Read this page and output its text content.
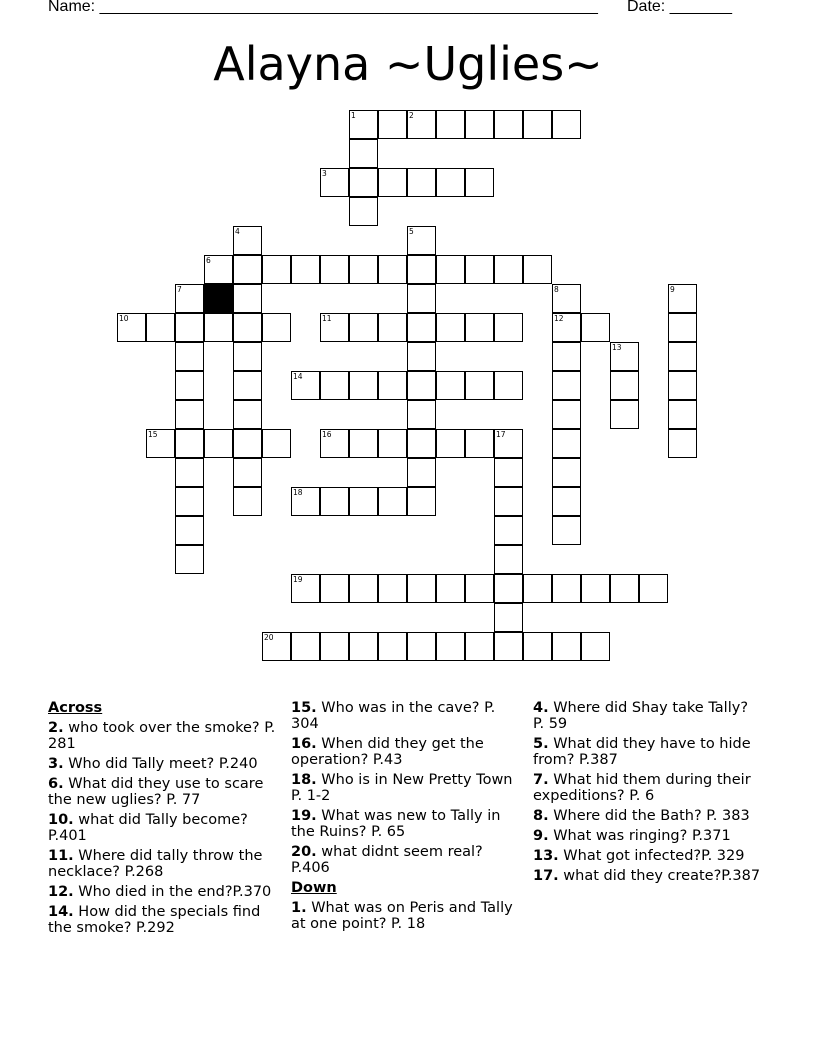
Name: ________________________________________________________ Date: _______
Alayna ~Uglies~
1	2
3
6
10	11	12
14
15	16	17
18
19
20
4	5
7	8	9
13
Across
2. who took over the smoke? P. 281
3. Who did Tally meet? P.240
6. What did they use to scare the new uglies? P. 77
10. what did Tally become? P.401
11. Where did tally throw the necklace? P.268
12. Who died in the end?P.370
14. How did the specials find the smoke? P.292
15. Who was in the cave? P. 304
16. When did they get the operation? P.43
18. Who is in New Pretty Town P. 1-2
19. What was new to Tally in the Ruins? P. 65
20. what didnt seem real? P.406
Down
1. What was on Peris and Tally at one point? P. 18
4. Where did Shay take Tally? P. 59
5. What did they have to hide from? P.387
7. What hid them during their expeditions? P. 6
8. Where did the Bath? P. 383
9. What was ringing? P.371
13. What got infected?P. 329
17. what did they create?P.387
